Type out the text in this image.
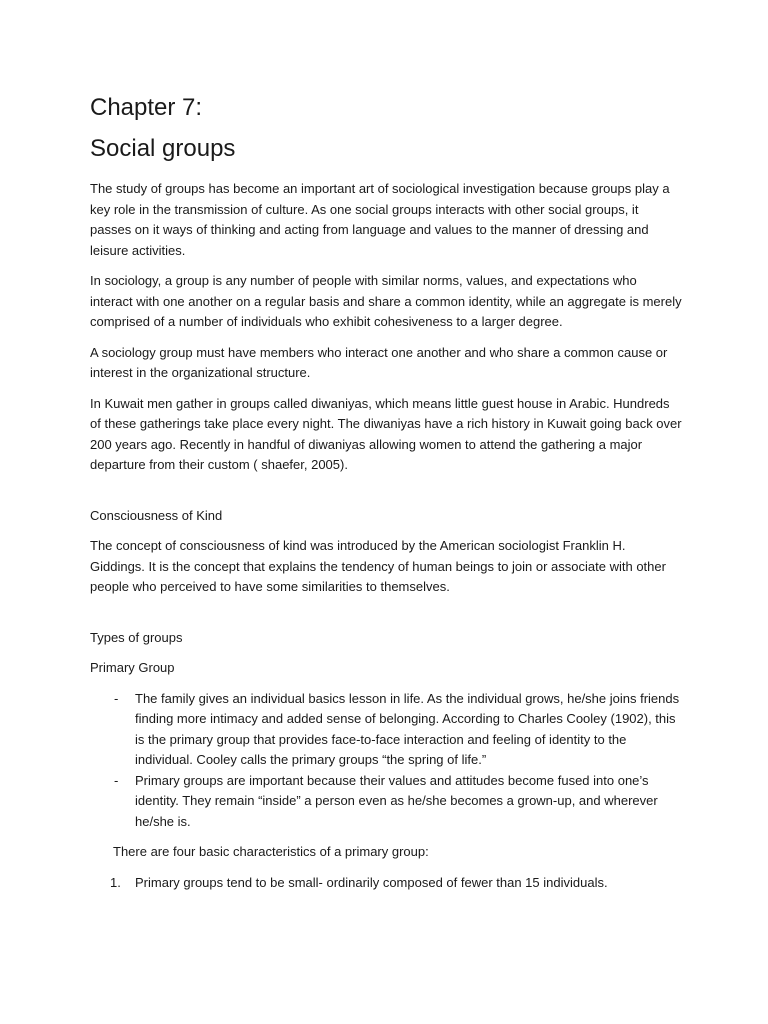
Chapter 7:
Social groups

The study of groups has become an important art of sociological investigation because groups play a key role in the transmission of culture. As one social groups interacts with other social groups, it passes on it ways of thinking and acting from language and values to the manner of dressing and leisure activities.

In sociology, a group is any number of people with similar norms, values, and expectations who interact with one another on a regular basis and share a common identity, while an aggregate is merely comprised of a number of individuals who exhibit cohesiveness to a larger degree.

A sociology group must have members who interact one another and who share a common cause or interest in the organizational structure.

In Kuwait men gather in groups called diwaniyas, which means little guest house in Arabic. Hundreds of these gatherings take place every night. The diwaniyas have a rich history in Kuwait going back over 200 years ago. Recently in handful of diwaniyas allowing women to attend the gathering a major departure from their custom ( shaefer, 2005).

Consciousness of Kind

The concept of consciousness of kind was introduced by the American sociologist Franklin H. Giddings. It is the concept that explains the tendency of human beings to join or associate with other people who perceived to have some similarities to themselves.

Types of groups
Primary Group
- The family gives an individual basics lesson in life. As the individual grows, he/she joins friends finding more intimacy and added sense of belonging. According to Charles Cooley (1902), this is the primary group that provides face-to-face interaction and feeling of identity to the individual. Cooley calls the primary groups “the spring of life.”
- Primary groups are important because their values and attitudes become fused into one’s identity. They remain “inside” a person even as he/she becomes a grown-up, and wherever he/she is.

There are four basic characteristics of a primary group:

1. Primary groups tend to be small- ordinarily composed of fewer than 15 individuals.
